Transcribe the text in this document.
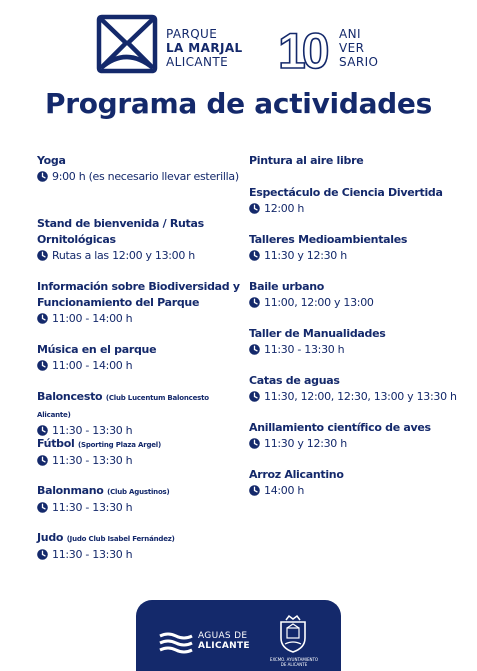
PARQUE
LA MARJAL
ALICANTE 10 ANI
VER
SARIO
Programa de actividades
Yoga
9:00 h (es necesario llevar esterilla)
Stand de bienvenida / Rutas Ornitológicas
Rutas a las 12:00 y 13:00 h
Información sobre Biodiversidad y Funcionamiento del Parque
11:00 - 14:00 h
Música en el parque
11:00 - 14:00 h
Baloncesto (Club Lucentum Baloncesto Alicante)
11:30 - 13:30 h
Fútbol (Sporting Plaza Argel)
11:30 - 13:30 h
Balonmano (Club Agustinos)
11:30 - 13:30 h
Judo (Judo Club Isabel Fernández)
11:30 - 13:30 h
Pintura al aire libre
Espectáculo de Ciencia Divertida
12:00 h
Talleres Medioambientales
11:30 y 12:30 h
Baile urbano
11:00, 12:00 y 13:00
Taller de Manualidades
11:30 - 13:30 h
Catas de aguas
11:30, 12:00, 12:30, 13:00 y 13:30 h
Anillamiento científico de aves
11:30 y 12:30 h
Arroz Alicantino
14:00 h
AGUAS DE
ALICANTE
EXCMO. AYUNTAMIENTO
DE ALICANTE
